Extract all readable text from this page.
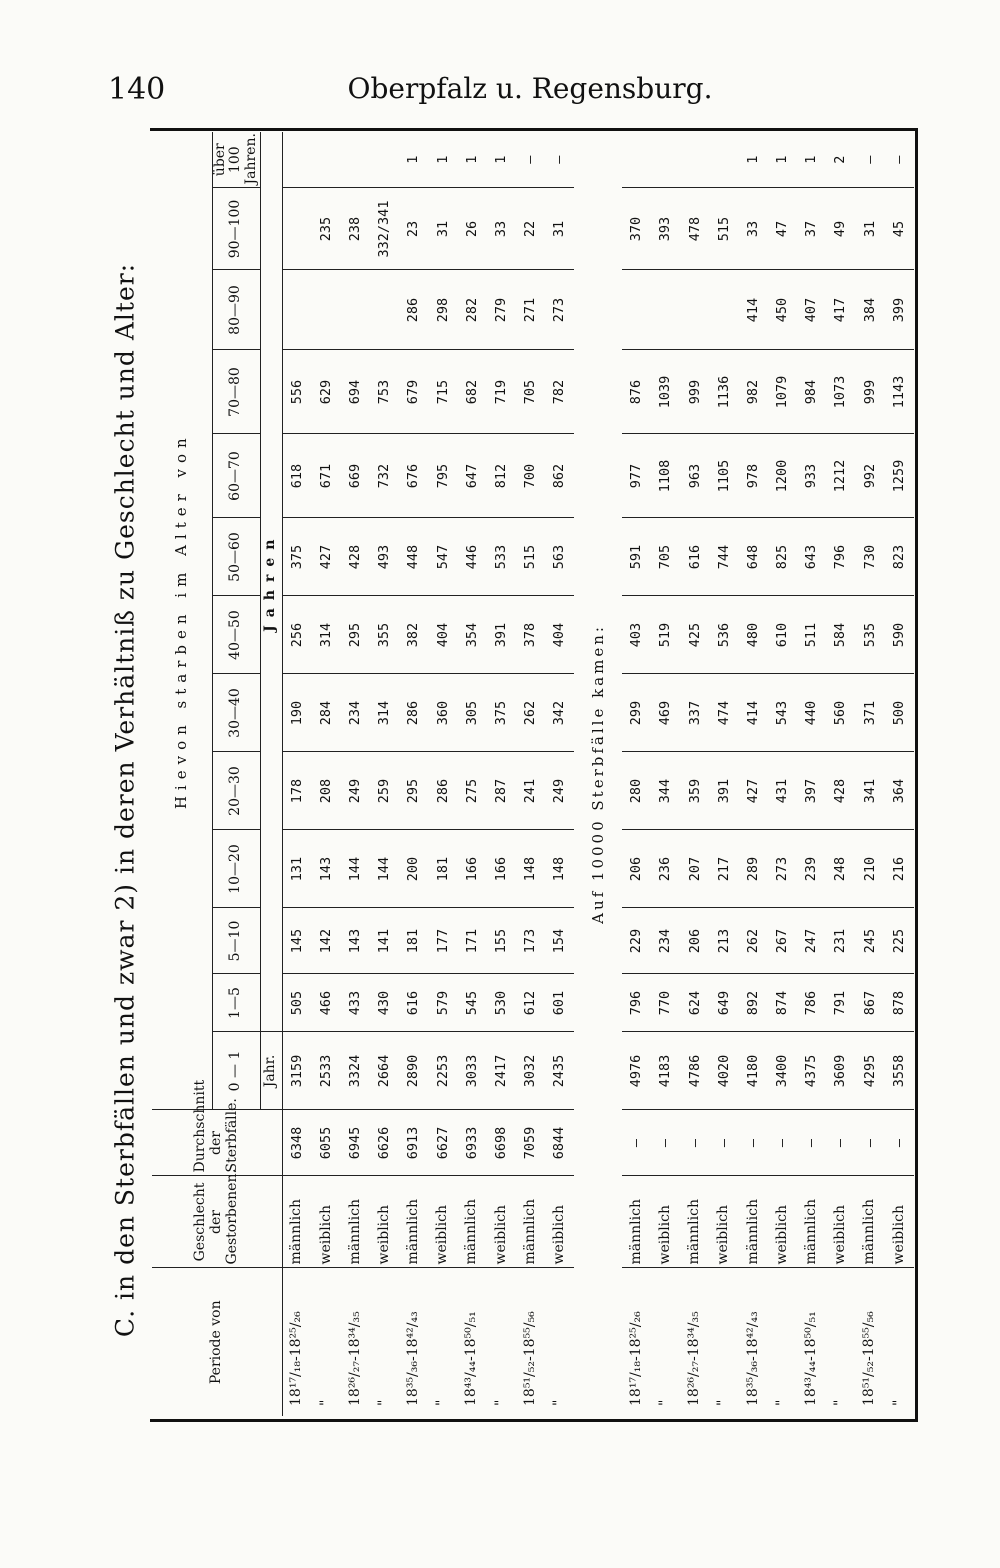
140	Oberpfalz u. Regensburg.
C. in den Sterbfällen und zwar 2) in deren Verhältniß zu Geschlecht und Alter:
Periode von	Geschlecht der Gestorbenen.	Durchschnitt der Sterbfälle.	Hievon starben im Alter von												
			0 — 1	1—5	5—10	10—20	20—30	30—40	40—50	50—60	60—70	70—80	80—90	90—100	über 100 Jahren.
			Jahr.	Jahren											
18¹⁷/₁₈-18²⁵/₂₆	männlich	6348	3159	505	145	131	178	190	256	375	618	556			
"	weiblich	6055	2533	466	142	143	208	284	314	427	671	629		235	
18²⁶/₂₇-18³⁴/₃₅	männlich	6945	3324	433	143	144	249	234	295	428	669	694		238	
"	weiblich	6626	2664	430	141	144	259	314	355	493	732	753		332/341	
18³⁵/₃₆-18⁴²/₄₃	männlich	6913	2890	616	181	200	295	286	382	448	676	679	286	23	1
"	weiblich	6627	2253	579	177	181	286	360	404	547	795	715	298	31	1
18⁴³/₄₄-18⁵⁰/₅₁	männlich	6933	3033	545	171	166	275	305	354	446	647	682	282	26	1
"	weiblich	6698	2417	530	155	166	287	375	391	533	812	719	279	33	1
18⁵¹/₅₂-18⁵⁵/₅₆	männlich	7059	3032	612	173	148	241	262	378	515	700	705	271	22	—
"	weiblich	6844	2435	601	154	148	249	342	404	563	862	782	273	31	—
Auf 10000 Sterbfälle kamen:															
18¹⁷/₁₈-18²⁵/₂₆	männlich	—	4976	796	229	206	280	299	403	591	977	876		370	
"	weiblich	—	4183	770	234	236	344	469	519	705	1108	1039		393	
18²⁶/₂₇-18³⁴/₃₅	männlich	—	4786	624	206	207	359	337	425	616	963	999		478	
"	weiblich	—	4020	649	213	217	391	474	536	744	1105	1136		515	
18³⁵/₃₆-18⁴²/₄₃	männlich	—	4180	892	262	289	427	414	480	648	978	982	414	33	1
"	weiblich	—	3400	874	267	273	431	543	610	825	1200	1079	450	47	1
18⁴³/₄₄-18⁵⁰/₅₁	männlich	—	4375	786	247	239	397	440	511	643	933	984	407	37	1
"	weiblich	—	3609	791	231	248	428	560	584	796	1212	1073	417	49	2
18⁵¹/₅₂-18⁵⁵/₅₆	männlich	—	4295	867	245	210	341	371	535	730	992	999	384	31	—
"	weiblich	—	3558	878	225	216	364	500	590	823	1259	1143	399	45	—
